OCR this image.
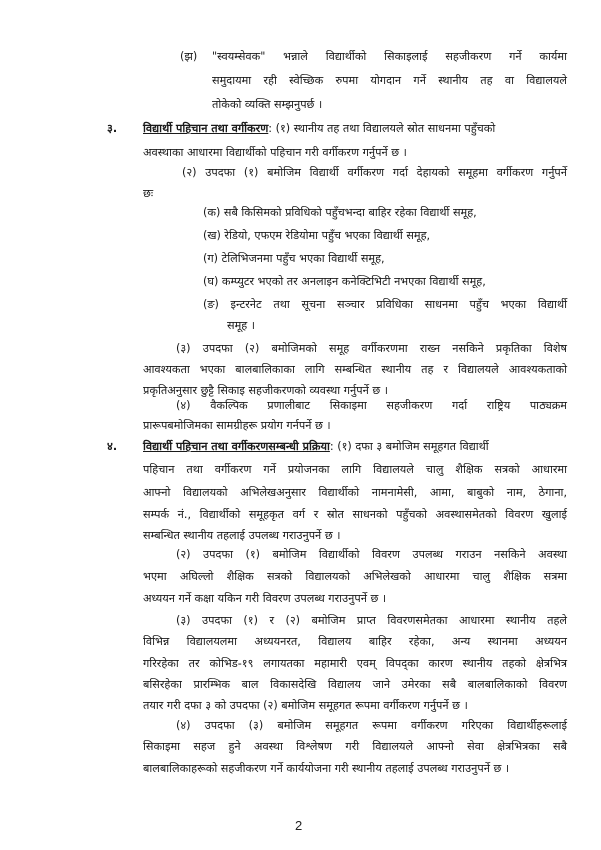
(झ) "स्वयम्सेवक" भन्नाले विद्यार्थीको सिकाइलाई सहजीकरण गर्ने कार्यमा
समुदायमा रही स्वेच्छिक रुपमा योगदान गर्ने स्थानीय तह वा विद्यालयले
तोकेको व्यक्ति सम्झनुपर्छ ।
३. विद्यार्थी पहिचान तथा वर्गीकरण: (१) स्थानीय तह तथा विद्यालयले स्रोत साधनमा पहुँचको
अवस्थाका आधारमा विद्यार्थीको पहिचान गरी वर्गीकरण गर्नुपर्ने छ ।
(२) उपदफा (१) बमोजिम विद्यार्थी वर्गीकरण गर्दा देहायको समूहमा वर्गीकरण गर्नुपर्ने
छः
(क) सबै किसिमको प्रविधिको पहुँचभन्दा बाहिर रहेका विद्यार्थी समूह,
(ख) रेडियो, एफएम रेडियोमा पहुँच भएका विद्यार्थी समूह,
(ग) टेलिभिजनमा पहुँच भएका विद्यार्थी समूह,
(घ) कम्प्युटर भएको तर अनलाइन कनेक्टिभिटी नभएका विद्यार्थी समूह,
(ङ) इन्टरनेट तथा सूचना सञ्चार प्रविधिका साधनमा पहुँच भएका विद्यार्थी
समूह ।
(३) उपदफा (२) बमोजिमको समूह वर्गीकरणमा राख्न नसकिने प्रकृतिका विशेष
आवश्यकता भएका बालबालिकाका लागि सम्बन्धित स्थानीय तह र विद्यालयले आवश्यकताको
प्रकृतिअनुसार छुट्टै सिकाइ सहजीकरणको व्यवस्था गर्नुपर्ने छ ।
(४) वैकल्पिक प्रणालीबाट सिकाइमा सहजीकरण गर्दा राष्ट्रिय पाठ्यक्रम
प्रारूपबमोजिमका सामग्रीहरू प्रयोग गर्नपर्ने छ ।
४. विद्यार्थी पहिचान तथा वर्गीकरणसम्बन्धी प्रक्रिया: (१) दफा ३ बमोजिम समूहगत विद्यार्थी
पहिचान तथा वर्गीकरण गर्ने प्रयोजनका लागि विद्यालयले चालु शैक्षिक सत्रको आधारमा
आफ्नो विद्यालयको अभिलेखअनुसार विद्यार्थीको नामनामेसी, आमा, बाबुको नाम, ठेगाना,
सम्पर्क नं., विद्यार्थीको समूहकृत वर्ग र स्रोत साधनको पहुँचको अवस्थासमेतको विवरण खुलाई
सम्बन्धित स्थानीय तहलाई उपलब्ध गराउनुपर्ने छ ।
(२) उपदफा (१) बमोजिम विद्यार्थीको विवरण उपलब्ध गराउन नसकिने अवस्था
भएमा अघिल्लो शैक्षिक सत्रको विद्यालयको अभिलेखको आधारमा चालु शैक्षिक सत्रमा
अध्ययन गर्ने कक्षा यकिन गरी विवरण उपलब्ध गराउनुपर्ने छ ।
(३) उपदफा (१) र (२) बमोजिम प्राप्त विवरणसमेतका आधारमा स्थानीय तहले
विभिन्न विद्यालयलमा अध्ययनरत, विद्यालय बाहिर रहेका, अन्य स्थानमा अध्ययन
गरिरहेका तर कोभिड-१९ लगायतका महामारी एवम् विपद्का कारण स्थानीय तहको क्षेत्रभित्र
बसिरहेका प्रारम्भिक बाल विकासदेखि विद्यालय जाने उमेरका सबै बालबालिकाको विवरण
तयार गरी दफा ३ को उपदफा (२) बमोजिम समूहगत रूपमा वर्गीकरण गर्नुपर्ने छ ।
(४) उपदफा (३) बमोजिम समूहगत रूपमा वर्गीकरण गरिएका विद्यार्थीहरूलाई
सिकाइमा सहज हुने अवस्था विश्लेषण गरी विद्यालयले आफ्नो सेवा क्षेत्रभित्रका सबै
बालबालिकाहरूको सहजीकरण गर्ने कार्ययोजना गरी स्थानीय तहलाई उपलब्ध गराउनुपर्ने छ ।
2
